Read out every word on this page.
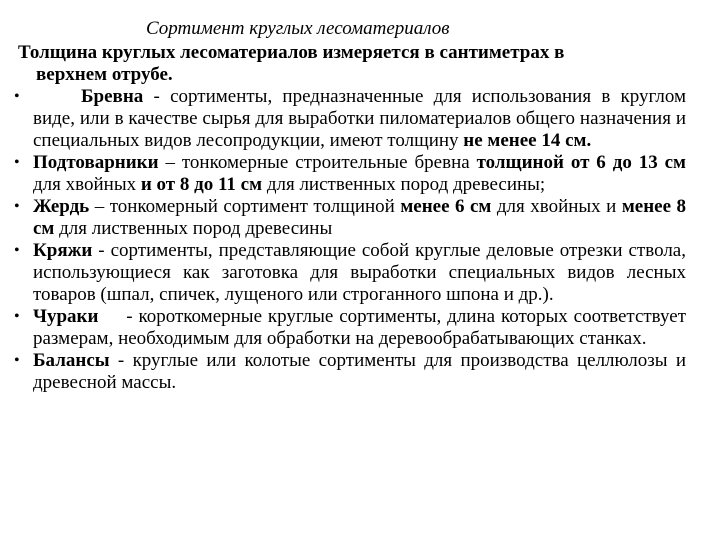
Сортимент круглых лесоматериалов
Толщина круглых лесоматериалов измеряется в сантиметрах в
верхнем отрубе.
•	Бревна - сортименты, предназначенные для использования в круглом виде, или в качестве сырья для выработки пиломатериалов общего назначения и специальных видов лесопродукции, имеют толщину не менее 14 см.
• Подтоварники – тонкомерные строительные бревна толщиной от 6 до 13 см для хвойных и от 8 до 11 см для лиственных пород древесины;
• Жердь – тонкомерный сортимент толщиной менее 6 см для хвойных и менее 8 см для лиственных пород древесины
• Кряжи - сортименты, представляющие собой круглые деловые отрезки ствола, использующиеся как заготовка для выработки специальных видов лесных товаров (шпал, спичек, лущеного или строганного шпона и др.).
• Чураки - короткомерные круглые сортименты, длина которых соответствует размерам, необходимым для обработки на деревообрабатывающих станках.
• Балансы - круглые или колотые сортименты для производства целлюлозы и древесной массы.
